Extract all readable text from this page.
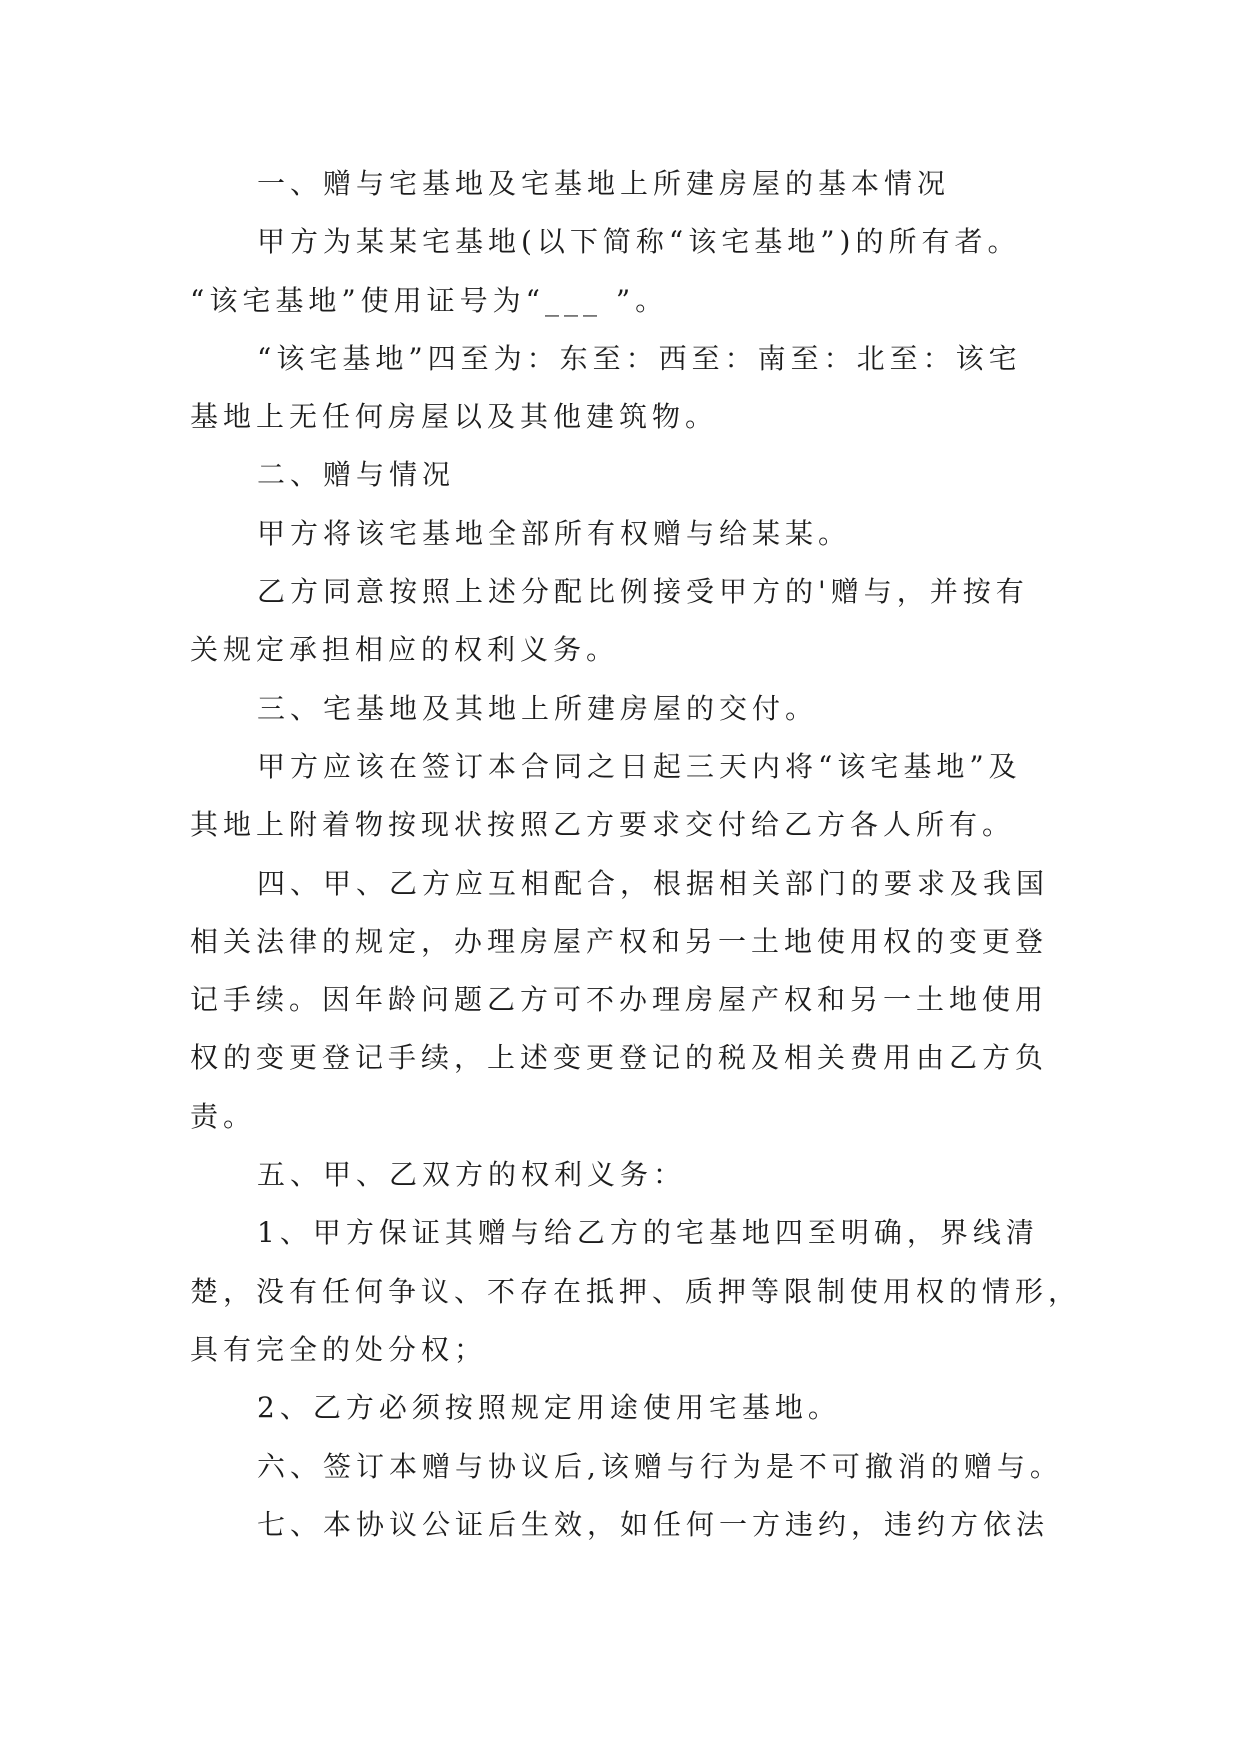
一、赠与宅基地及宅基地上所建房屋的基本情况
甲方为某某宅基地(以下简称“该宅基地”)的所有者。
“该宅基地”使用证号为“___ ”。
“该宅基地”四至为：东至：西至：南至：北至：该宅
基地上无任何房屋以及其他建筑物。
二、赠与情况
甲方将该宅基地全部所有权赠与给某某。
乙方同意按照上述分配比例接受甲方的'赠与，并按有
关规定承担相应的权利义务。
三、宅基地及其地上所建房屋的交付。
甲方应该在签订本合同之日起三天内将“该宅基地”及
其地上附着物按现状按照乙方要求交付给乙方各人所有。
四、甲、乙方应互相配合，根据相关部门的要求及我国
相关法律的规定，办理房屋产权和另一土地使用权的变更登
记手续。因年龄问题乙方可不办理房屋产权和另一土地使用
权的变更登记手续，上述变更登记的税及相关费用由乙方负
责。
五、甲、乙双方的权利义务：
1、甲方保证其赠与给乙方的宅基地四至明确，界线清
楚，没有任何争议、不存在抵押、质押等限制使用权的情形，
具有完全的处分权；
2、乙方必须按照规定用途使用宅基地。
六、签订本赠与协议后,该赠与行为是不可撤消的赠与。
七、本协议公证后生效，如任何一方违约，违约方依法
